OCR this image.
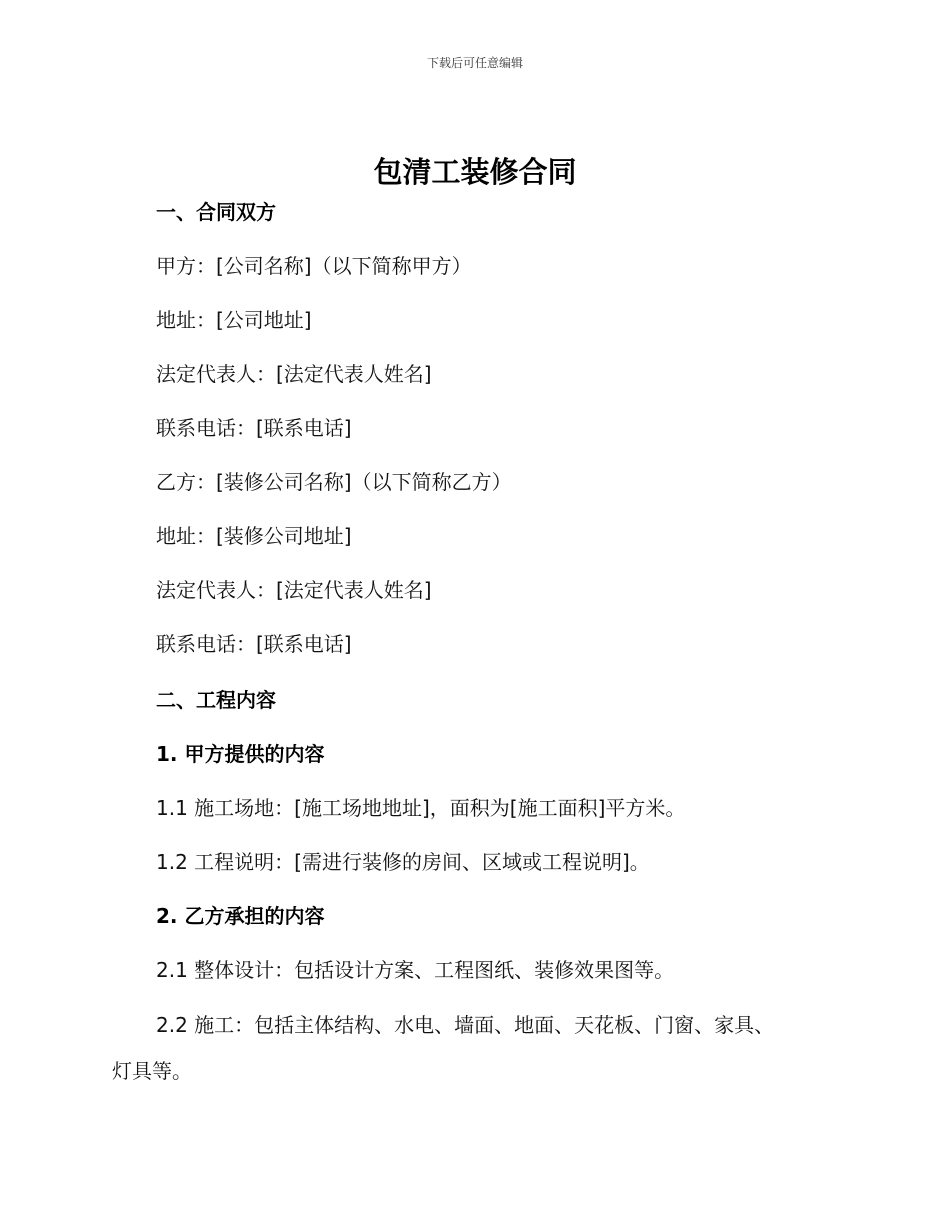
下载后可任意编辑
包清工装修合同
一、合同双方
甲方：[公司名称]（以下简称甲方）
地址：[公司地址]
法定代表人：[法定代表人姓名]
联系电话：[联系电话]
乙方：[装修公司名称]（以下简称乙方）
地址：[装修公司地址]
法定代表人：[法定代表人姓名]
联系电话：[联系电话]
二、工程内容
1. 甲方提供的内容
1.1 施工场地：[施工场地地址]，面积为[施工面积]平方米。
1.2 工程说明：[需进行装修的房间、区域或工程说明]。
2. 乙方承担的内容
2.1 整体设计：包括设计方案、工程图纸、装修效果图等。
2.2 施工：包括主体结构、水电、墙面、地面、天花板、门窗、家具、
灯具等。
